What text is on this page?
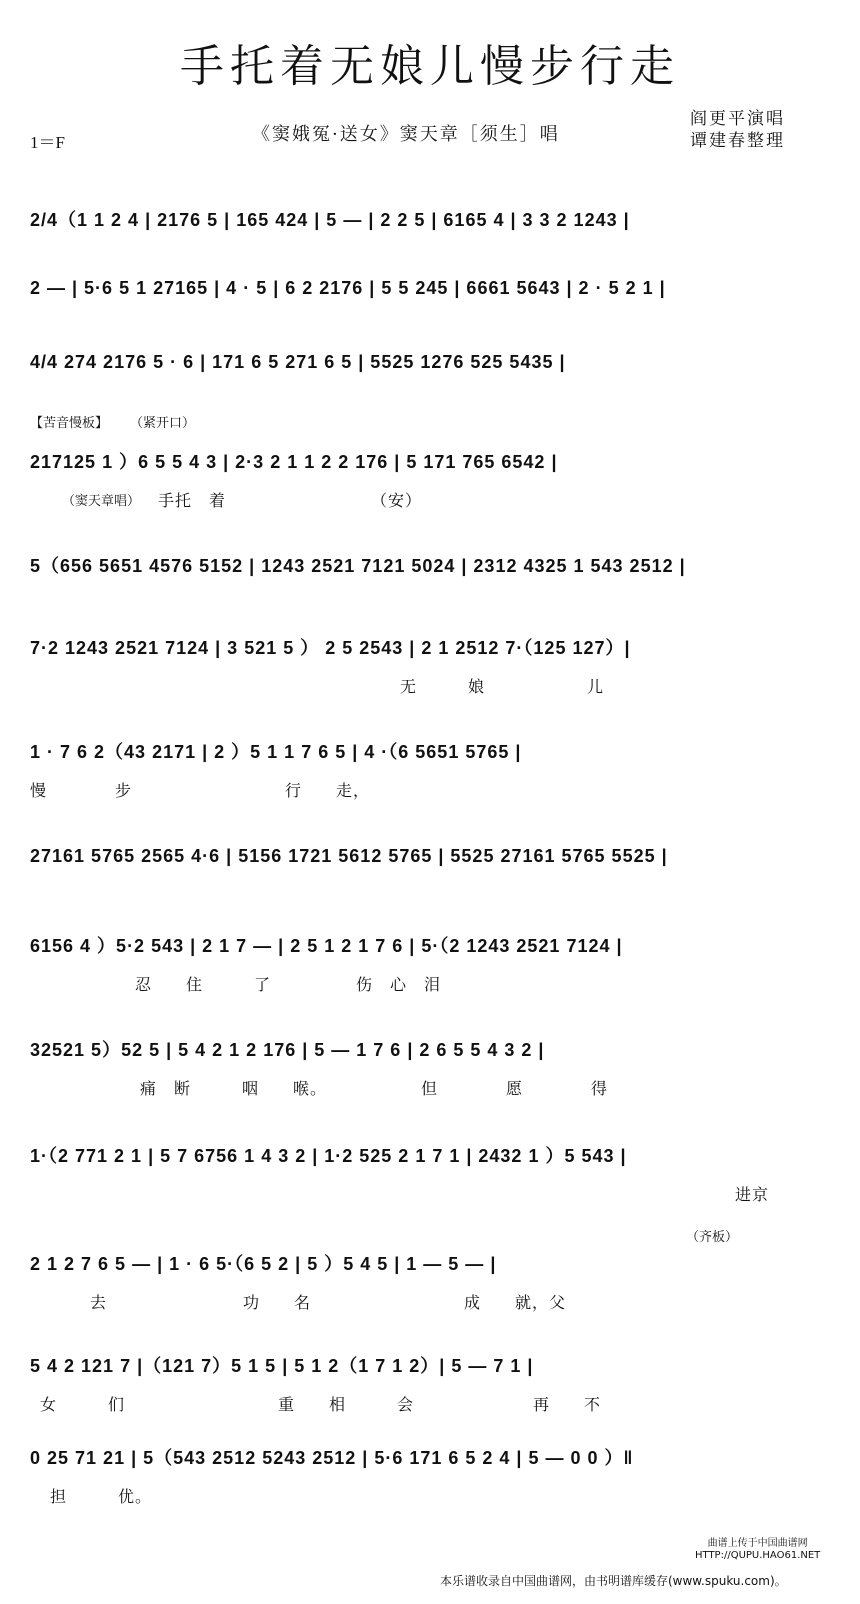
手托着无娘儿慢步行走
1＝F	《窦娥冤·送女》窦天章［须生］唱
阎更平演唱
谭建春整理
【苦音慢板】 （紧开口）
（窦天章唱）
（齐板）
2/4（1 1 2 4 | 2176 5 | 165 424 | 5 — | 2 2 5 | 6165 4 | 3 3 2 1243 |
2 — | 5·6 5 1 27165 | 4 · 5 | 6 2 2176 | 5 5 245 | 6661 5643 | 2 · 5 2 1 |
4/4 274 2176 5 · 6 | 171 6 5 271 6 5 | 5525 1276 525 5435 |
217125 1 ）6 5 5 4 3 | 2·3 2 1 1 2 2 176 | 5 171 765 6542 |
手托　着　　　　　　　　　（安）
5（656 5651 4576 5152 | 1243 2521 7121 5024 | 2312 4325 1 543 2512 |
7·2 1243 2521 7124 | 3 521 5 ） 2 5 2543 | 2 1 2512 7·（125 127）|
无　　　娘　　　　　　儿
1 · 7 6 2（43 2171 | 2 ）5 1 1 7 6 5 | 4 ·（6 5651 5765 |
慢　　　　步　　　　　　　　　行　　走，
27161 5765 2565 4·6 | 5156 1721 5612 5765 | 5525 27161 5765 5525 |
6156 4 ）5·2 543 | 2 1 7 — | 2 5 1 2 1 7 6 | 5·（2 1243 2521 7124 |
忍　　住　　　了　　　　　伤　心　泪
32521 5）52 5 | 5 4 2 1 2 176 | 5 — 1 7 6 | 2 6 5 5 4 3 2 |
痛　断　　　咽　　喉。　　　　　　但　　　　愿　　　　得
1·（2 771 2 1 | 5 7 6756 1 4 3 2 | 1·2 525 2 1 7 1 | 2432 1 ）5 543 |
进京
2 1 2 7 6 5 — | 1 · 6 5·（6 5 2 | 5 ）5 4 5 | 1 — 5 — |
去　　　　　　　　功　　名　　　　　　　　　成　　就，父
5 4 2 121 7 |（121 7）5 1 5 | 5 1 2（1 7 1 2）| 5 — 7 1 |
女　　　们　　　　　　　　　重　　相　　　会　　　　　　　再　　不
0 25 71 21 | 5（543 2512 5243 2512 | 5·6 171 6 5 2 4 | 5 — 0 0 ）‖
担　　　优。
曲谱上传于中国曲谱网
HTTP://QUPU.HAO61.NET
本乐谱收录自中国曲谱网，由书明谱库缓存(www.spuku.com)。
